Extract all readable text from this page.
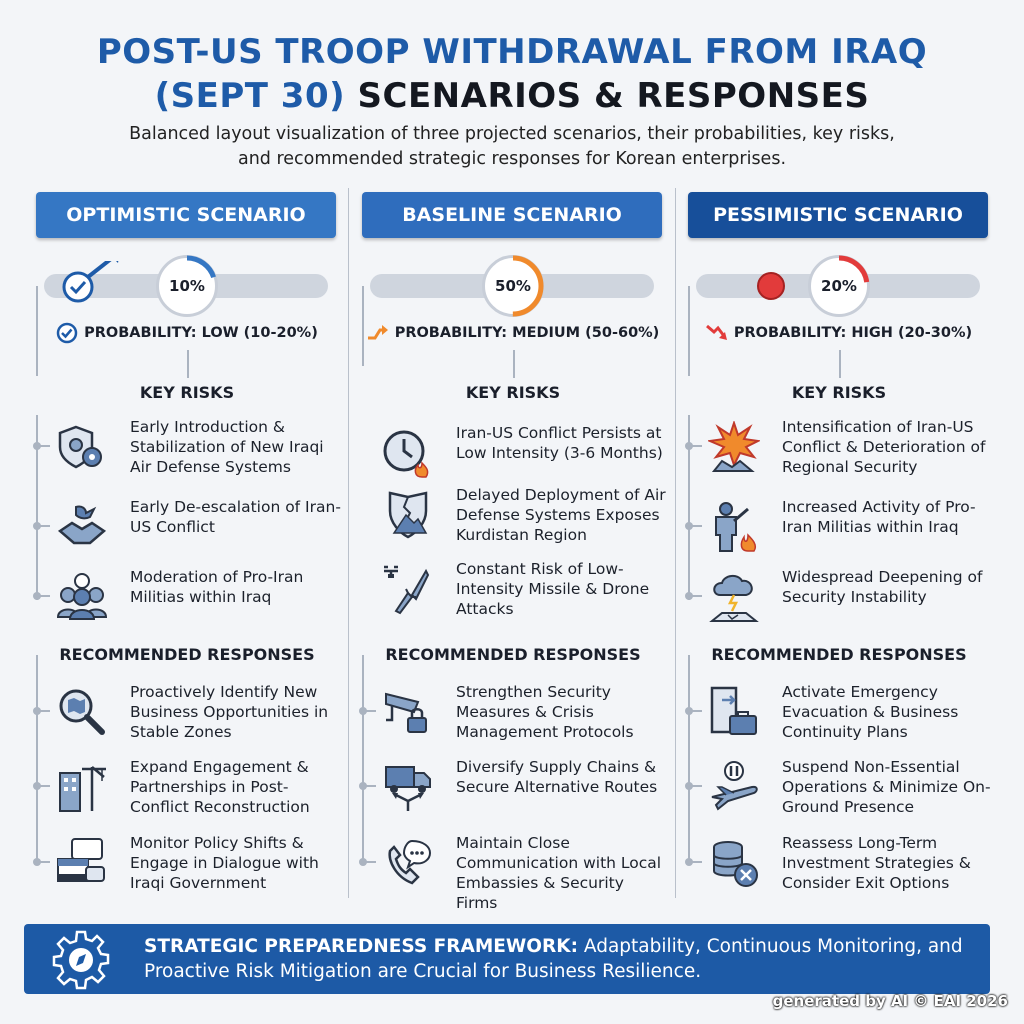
POST-US TROOP WITHDRAWAL FROM IRAQ
(SEPT 30) SCENARIOS & RESPONSES
Balanced layout visualization of three projected scenarios, their probabilities, key risks,
and recommended strategic responses for Korean enterprises.
OPTIMISTIC SCENARIO
10%
PROBABILITY: LOW (10-20%)
KEY RISKS
Early Introduction & Stabilization of New Iraqi Air Defense Systems
Early De-escalation of Iran-US Conflict
Moderation of Pro-Iran Militias within Iraq
RECOMMENDED RESPONSES
Proactively Identify New Business Opportunities in Stable Zones
Expand Engagement & Partnerships in Post-Conflict Reconstruction
Monitor Policy Shifts & Engage in Dialogue with Iraqi Government
BASELINE SCENARIO
50%
PROBABILITY: MEDIUM (50-60%)
KEY RISKS
Iran-US Conflict Persists at Low Intensity (3-6 Months)
Delayed Deployment of Air Defense Systems Exposes Kurdistan Region
Constant Risk of Low-Intensity Missile & Drone Attacks
RECOMMENDED RESPONSES
Strengthen Security Measures & Crisis Management Protocols
Diversify Supply Chains & Secure Alternative Routes
Maintain Close Communication with Local Embassies & Security Firms
PESSIMISTIC SCENARIO
20%
PROBABILITY: HIGH (20-30%)
KEY RISKS
Intensification of Iran-US Conflict & Deterioration of Regional Security
Increased Activity of Pro-Iran Militias within Iraq
Widespread Deepening of Security Instability
RECOMMENDED RESPONSES
Activate Emergency Evacuation & Business Continuity Plans
Suspend Non-Essential Operations & Minimize On-Ground Presence
Reassess Long-Term Investment Strategies & Consider Exit Options
STRATEGIC PREPAREDNESS FRAMEWORK: Adaptability, Continuous Monitoring, and Proactive Risk Mitigation are Crucial for Business Resilience.
generated by AI © EAI 2026
